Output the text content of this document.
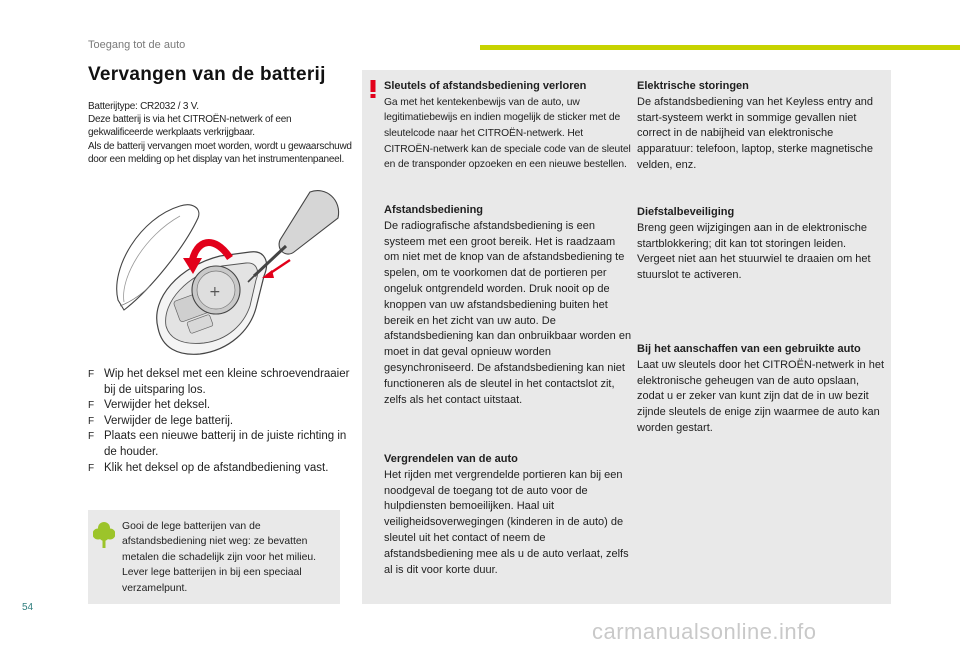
Toegang tot de auto
Vervangen van de batterij
Batterijtype: CR2032 / 3 V.
Deze batterij is via het CITROËN-netwerk of een
gekwalificeerde werkplaats verkrijgbaar.
Als de batterij vervangen moet worden, wordt u gewaarschuwd
door een melding op het display van het instrumentenpaneel.
+
F Wip het deksel met een kleine schroevendraaier bij de uitsparing los.
F Verwijder het deksel.
F Verwijder de lege batterij.
F Plaats een nieuwe batterij in de juiste richting in de houder.
F Klik het deksel op de afstandbediening vast.
Gooi de lege batterijen van de afstandsbediening niet weg: ze bevatten metalen die schadelijk zijn voor het milieu. Lever lege batterijen in bij een speciaal verzamelpunt.

Sleutels of afstandsbediening verloren

Ga met het kentekenbewijs van de auto, uw legitimatiebewijs en indien mogelijk de sticker met de sleutelcode naar het CITROËN-netwerk. Het CITROËN-netwerk kan de speciale code van de sleutel en de transponder opzoeken en een nieuwe bestellen.

Afstandsbediening

De radiografische afstandsbediening is een systeem met een groot bereik. Het is raadzaam om niet met de knop van de afstandsbediening te spelen, om te voorkomen dat de portieren per ongeluk ontgrendeld worden. Druk nooit op de knoppen van uw afstandsbediening buiten het bereik en het zicht van uw auto. De afstandsbediening kan dan onbruikbaar worden en moet in dat geval opnieuw worden gesynchroniseerd. De afstandsbediening kan niet functioneren als de sleutel in het contactslot zit, zelfs als het contact uitstaat.

Vergrendelen van de auto

Het rijden met vergrendelde portieren kan bij een noodgeval de toegang tot de auto voor de hulpdiensten bemoeilijken. Haal uit veiligheidsoverwegingen (kinderen in de auto) de sleutel uit het contact of neem de afstandsbediening mee als u de auto verlaat, zelfs al is dit voor korte duur.

Elektrische storingen

De afstandsbediening van het Keyless entry and start-systeem werkt in sommige gevallen niet correct in de nabijheid van elektronische apparatuur: telefoon, laptop, sterke magnetische velden, enz.

Diefstalbeveiliging

Breng geen wijzigingen aan in de elektronische startblokkering; dit kan tot storingen leiden. Vergeet niet aan het stuurwiel te draaien om het stuurslot te activeren.

Bij het aanschaffen van een gebruikte auto

Laat uw sleutels door het CITROËN-netwerk in het elektronische geheugen van de auto opslaan, zodat u er zeker van kunt zijn dat de in uw bezit zijnde sleutels de enige zijn waarmee de auto kan worden gestart.

54
carmanualsonline.info
